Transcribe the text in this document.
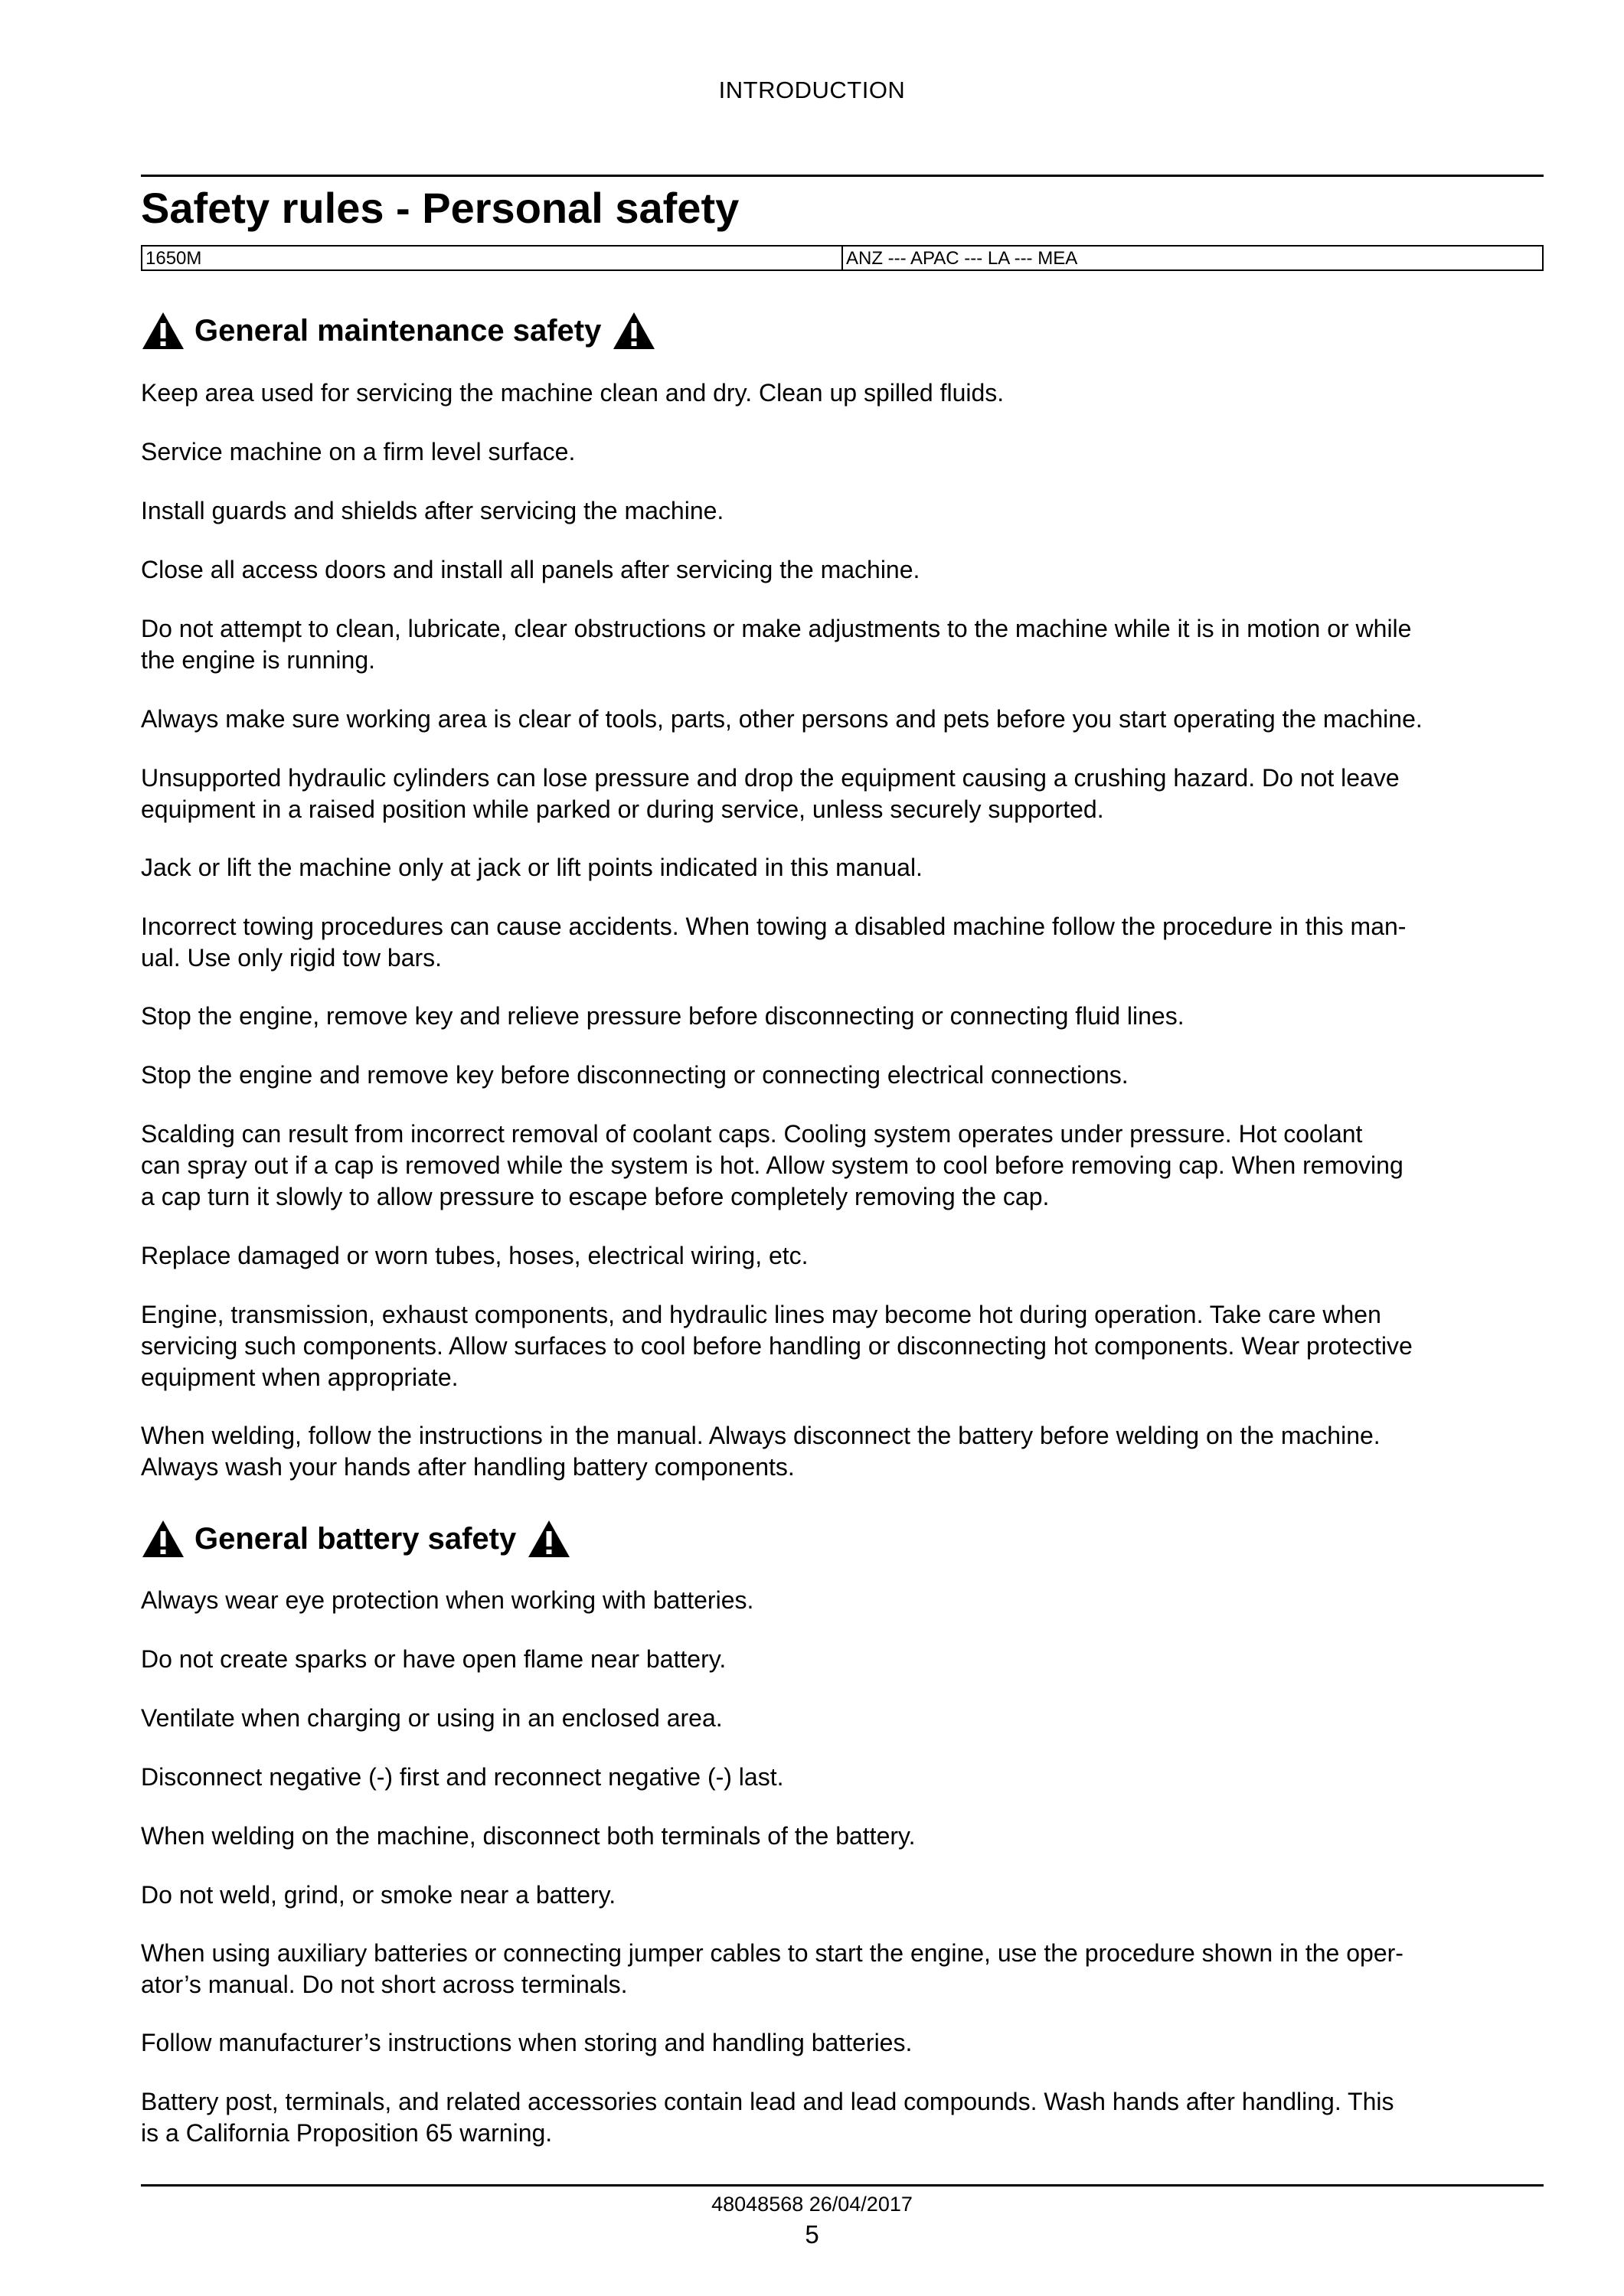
INTRODUCTION
Safety rules - Personal safety
1650M	ANZ --- APAC --- LA --- MEA
General maintenance safety

Keep area used for servicing the machine clean and dry. Clean up spilled fluids.

Service machine on a firm level surface.

Install guards and shields after servicing the machine.

Close all access doors and install all panels after servicing the machine.

Do not attempt to clean, lubricate, clear obstructions or make adjustments to the machine while it is in motion or while
the engine is running.

Always make sure working area is clear of tools, parts, other persons and pets before you start operating the machine.

Unsupported hydraulic cylinders can lose pressure and drop the equipment causing a crushing hazard. Do not leave
equipment in a raised position while parked or during service, unless securely supported.

Jack or lift the machine only at jack or lift points indicated in this manual.

Incorrect towing procedures can cause accidents. When towing a disabled machine follow the procedure in this man-
ual. Use only rigid tow bars.

Stop the engine, remove key and relieve pressure before disconnecting or connecting fluid lines.

Stop the engine and remove key before disconnecting or connecting electrical connections.

Scalding can result from incorrect removal of coolant caps. Cooling system operates under pressure. Hot coolant
can spray out if a cap is removed while the system is hot. Allow system to cool before removing cap. When removing
a cap turn it slowly to allow pressure to escape before completely removing the cap.

Replace damaged or worn tubes, hoses, electrical wiring, etc.

Engine, transmission, exhaust components, and hydraulic lines may become hot during operation. Take care when
servicing such components. Allow surfaces to cool before handling or disconnecting hot components. Wear protective
equipment when appropriate.

When welding, follow the instructions in the manual. Always disconnect the battery before welding on the machine.
Always wash your hands after handling battery components.

General battery safety

Always wear eye protection when working with batteries.

Do not create sparks or have open flame near battery.

Ventilate when charging or using in an enclosed area.

Disconnect negative (-) first and reconnect negative (-) last.

When welding on the machine, disconnect both terminals of the battery.

Do not weld, grind, or smoke near a battery.

When using auxiliary batteries or connecting jumper cables to start the engine, use the procedure shown in the oper-
ator’s manual. Do not short across terminals.

Follow manufacturer’s instructions when storing and handling batteries.

Battery post, terminals, and related accessories contain lead and lead compounds. Wash hands after handling. This
is a California Proposition 65 warning.

48048568 26/04/2017
5
